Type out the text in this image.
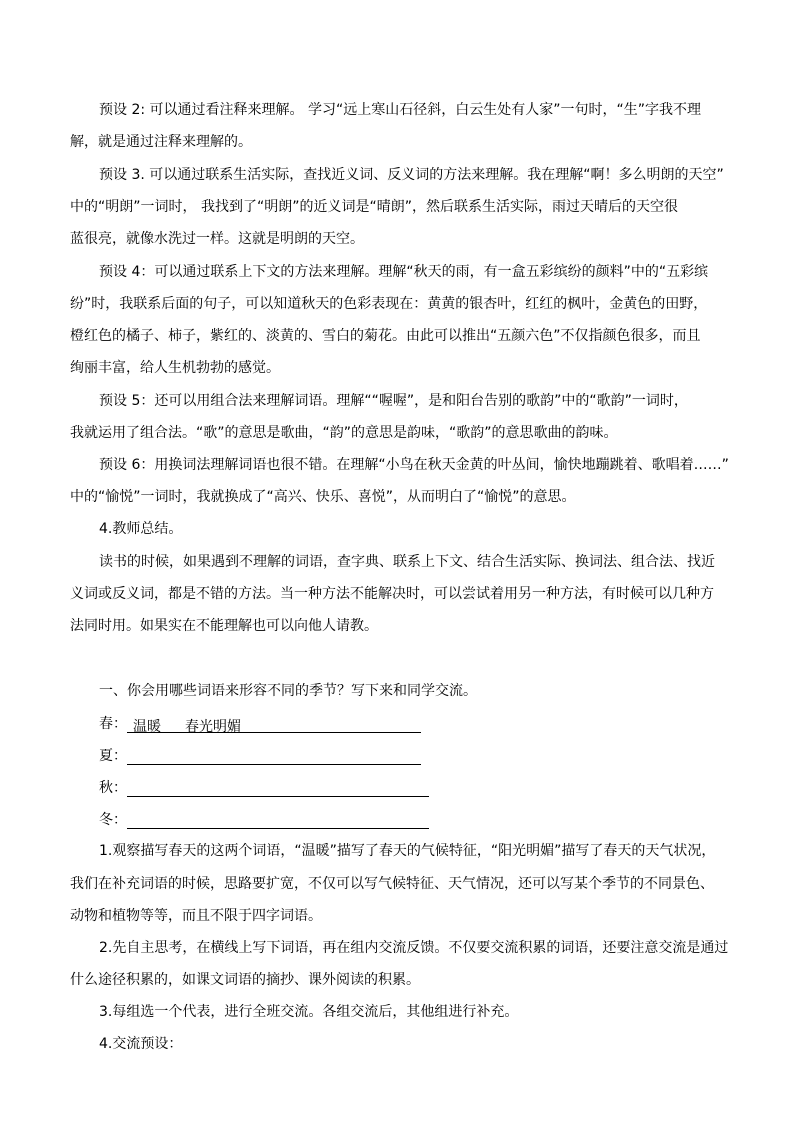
预设 2: 可以通过看注释来理解。 学习“远上寒山石径斜，白云生处有人家”一句时，“生”字我不理
解，就是通过注释来理解的。
预设 3. 可以通过联系生活实际，查找近义词、反义词的方法来理解。我在理解“啊！多么明朗的天空”
中的“明朗”一词时， 我找到了“明朗”的近义词是“晴朗”，然后联系生活实际，雨过天晴后的天空很
蓝很亮，就像水洗过一样。这就是明朗的天空。
预设 4：可以通过联系上下文的方法来理解。理解“秋天的雨，有一盒五彩缤纷的颜料”中的“五彩缤
纷”时，我联系后面的句子，可以知道秋天的色彩表现在：黄黄的银杏叶，红红的枫叶，金黄色的田野，
橙红色的橘子、柿子，紫红的、淡黄的、雪白的菊花。由此可以推出“五颜六色”不仅指颜色很多，而且
绚丽丰富，给人生机勃勃的感觉。
预设 5：还可以用组合法来理解词语。理解““喔喔”，是和阳台告别的歌韵”中的“歌韵”一词时，
我就运用了组合法。“歌”的意思是歌曲，“韵”的意思是韵味，“歌韵”的意思歌曲的韵味。
预设 6：用换词法理解词语也很不错。在理解“小鸟在秋天金黄的叶丛间，愉快地蹦跳着、歌唱着……”
中的“愉悦”一词时，我就换成了“高兴、快乐、喜悦”，从而明白了“愉悦”的意思。
4.教师总结。
读书的时候，如果遇到不理解的词语，查字典、联系上下文、结合生活实际、换词法、组合法、找近
义词或反义词，都是不错的方法。当一种方法不能解决时，可以尝试着用另一种方法，有时候可以几种方
法同时用。如果实在不能理解也可以向他人请教。
一、你会用哪些词语来形容不同的季节？写下来和同学交流。
春： 温暖 春光明媚
夏：
秋：
冬：
1.观察描写春天的这两个词语，“温暖”描写了春天的气候特征，“阳光明媚”描写了春天的天气状况，
我们在补充词语的时候，思路要扩宽，不仅可以写气候特征、天气情况，还可以写某个季节的不同景色、
动物和植物等等，而且不限于四字词语。
2.先自主思考，在横线上写下词语，再在组内交流反馈。不仅要交流积累的词语，还要注意交流是通过
什么途径积累的，如课文词语的摘抄、课外阅读的积累。
3.每组选一个代表，进行全班交流。各组交流后，其他组进行补充。
4.交流预设：
